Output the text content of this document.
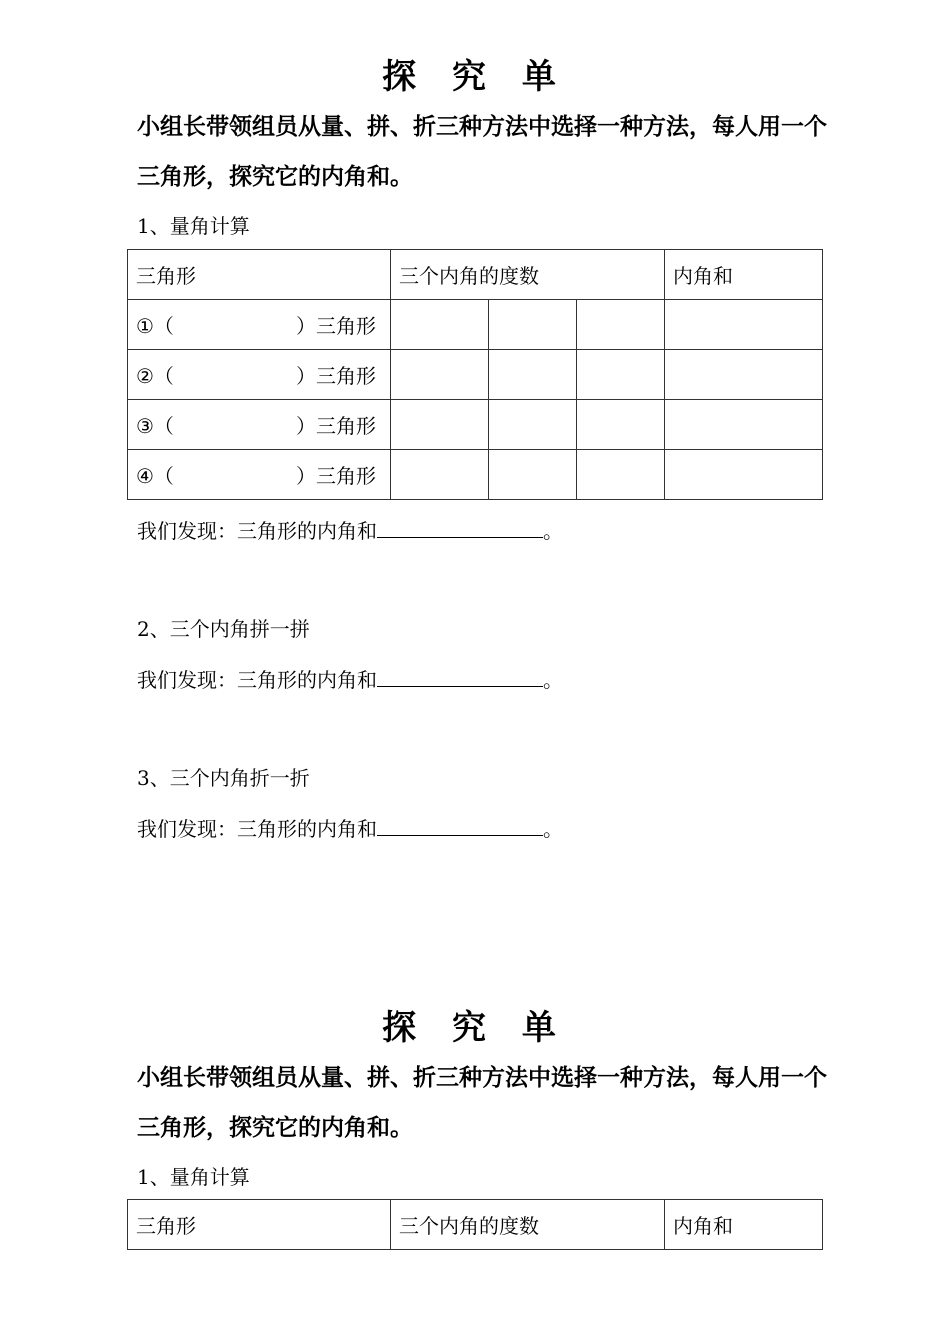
探 究 单
小组长带领组员从量、拼、折三种方法中选择一种方法，每人用一个三角形，探究它的内角和。
1、量角计算
三角形	三个内角的度数			内角和
①（ ）三角形				

②（ ）三角形				

③（ ）三角形				

④（ ）三角形				

我们发现：三角形的内角和	。
2、三个内角拼一拼
我们发现：三角形的内角和	。
3、三个内角折一折
我们发现：三角形的内角和	。
探 究 单
小组长带领组员从量、拼、折三种方法中选择一种方法，每人用一个三角形，探究它的内角和。
1、量角计算
三角形	三个内角的度数	内角和
